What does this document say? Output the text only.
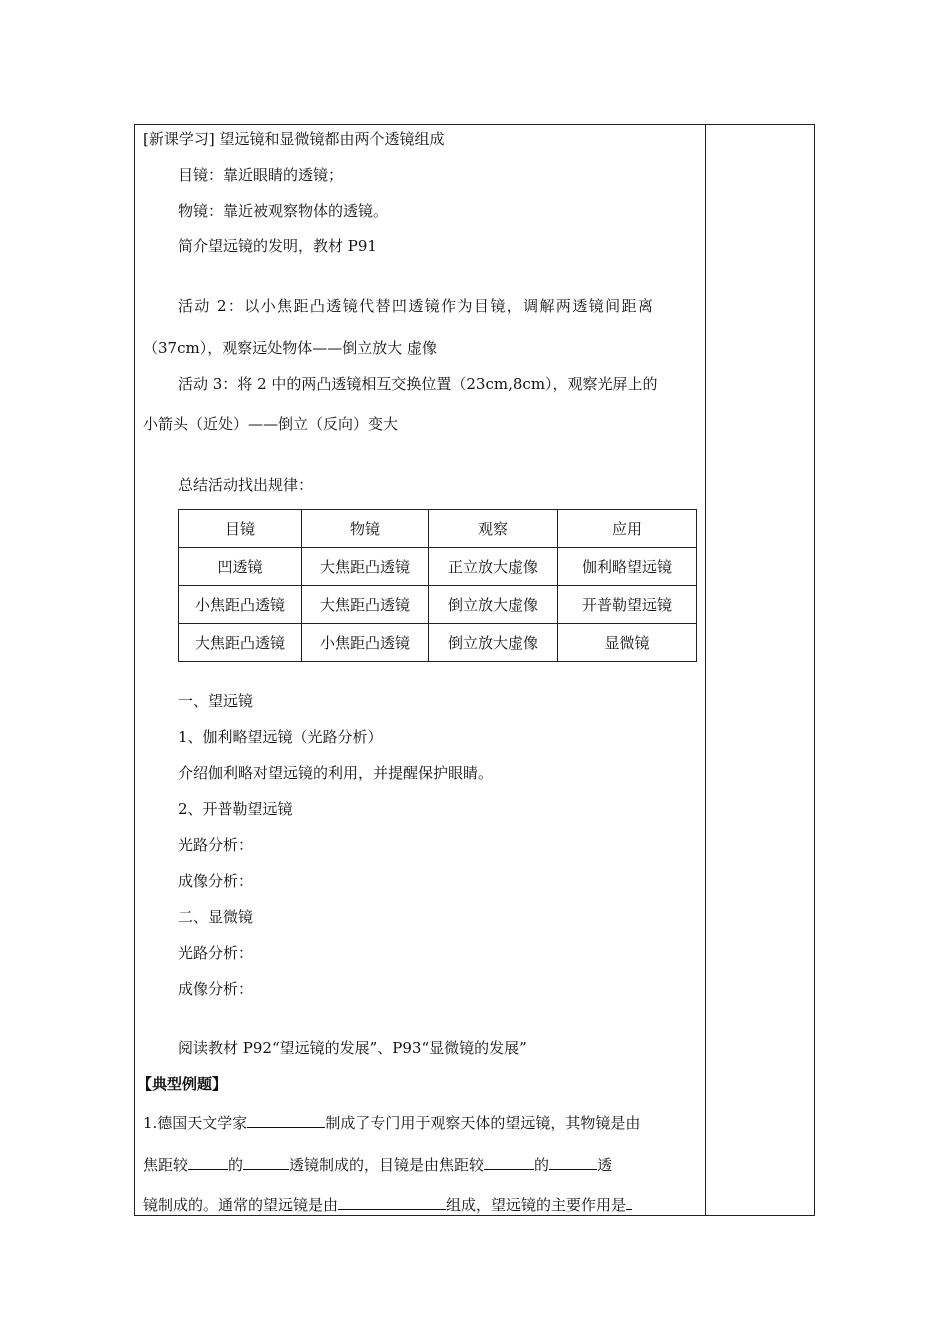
[新课学习] 望远镜和显微镜都由两个透镜组成
目镜：靠近眼睛的透镜；
物镜：靠近被观察物体的透镜。
简介望远镜的发明，教材 P91
活动 2：以小焦距凸透镜代替凹透镜作为目镜，调解两透镜间距离
（37cm），观察远处物体——倒立放大 虚像
活动 3：将 2 中的两凸透镜相互交换位置（23cm,8cm），观察光屏上的
小箭头（近处）——倒立（反向）变大
总结活动找出规律：
目镜	物镜	观察	应用
凹透镜	大焦距凸透镜	正立放大虚像	伽利略望远镜
小焦距凸透镜	大焦距凸透镜	倒立放大虚像	开普勒望远镜
大焦距凸透镜	小焦距凸透镜	倒立放大虚像	显微镜
一、望远镜
1、伽利略望远镜（光路分析）
介绍伽利略对望远镜的利用，并提醒保护眼睛。
2、开普勒望远镜
光路分析：
成像分析：
二、显微镜
光路分析：
成像分析：
阅读教材 P92“望远镜的发展”、P93“显微镜的发展”
【典型例题】
1.德国天文学家	制成了专门用于观察天体的望远镜，其物镜是由
焦距较	的	透镜制成的，目镜是由焦距较	的	透
镜制成的。通常的望远镜是由	组成，望远镜的主要作用是
